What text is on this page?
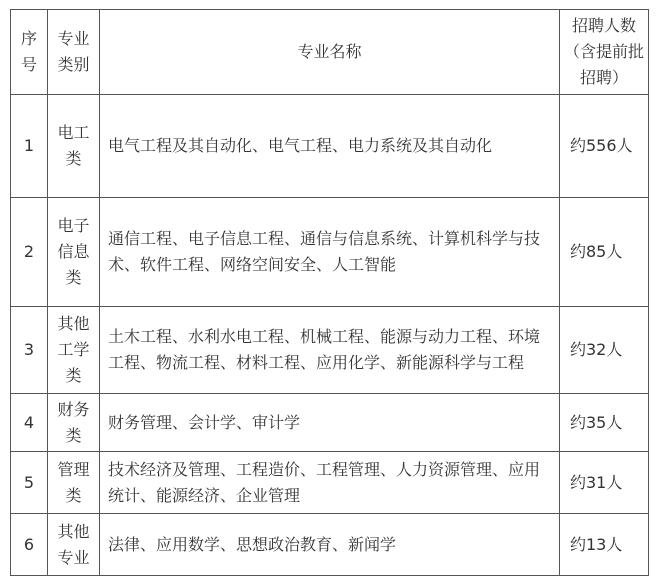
序号	专业类别	专业名称	招聘人数（含提前批招聘）
1	电工类	电气工程及其自动化、电气工程、电力系统及其自动化	约556人
2	电子信息类	通信工程、电子信息工程、通信与信息系统、计算机科学与技术、软件工程、网络空间安全、人工智能	约85人
3	其他工学类	土木工程、水利水电工程、机械工程、能源与动力工程、环境工程、物流工程、材料工程、应用化学、新能源科学与工程	约32人
4	财务类	财务管理、会计学、审计学	约35人
5	管理类	技术经济及管理、工程造价、工程管理、人力资源管理、应用统计、能源经济、企业管理	约31人
6	其他专业	法律、应用数学、思想政治教育、新闻学	约13人
